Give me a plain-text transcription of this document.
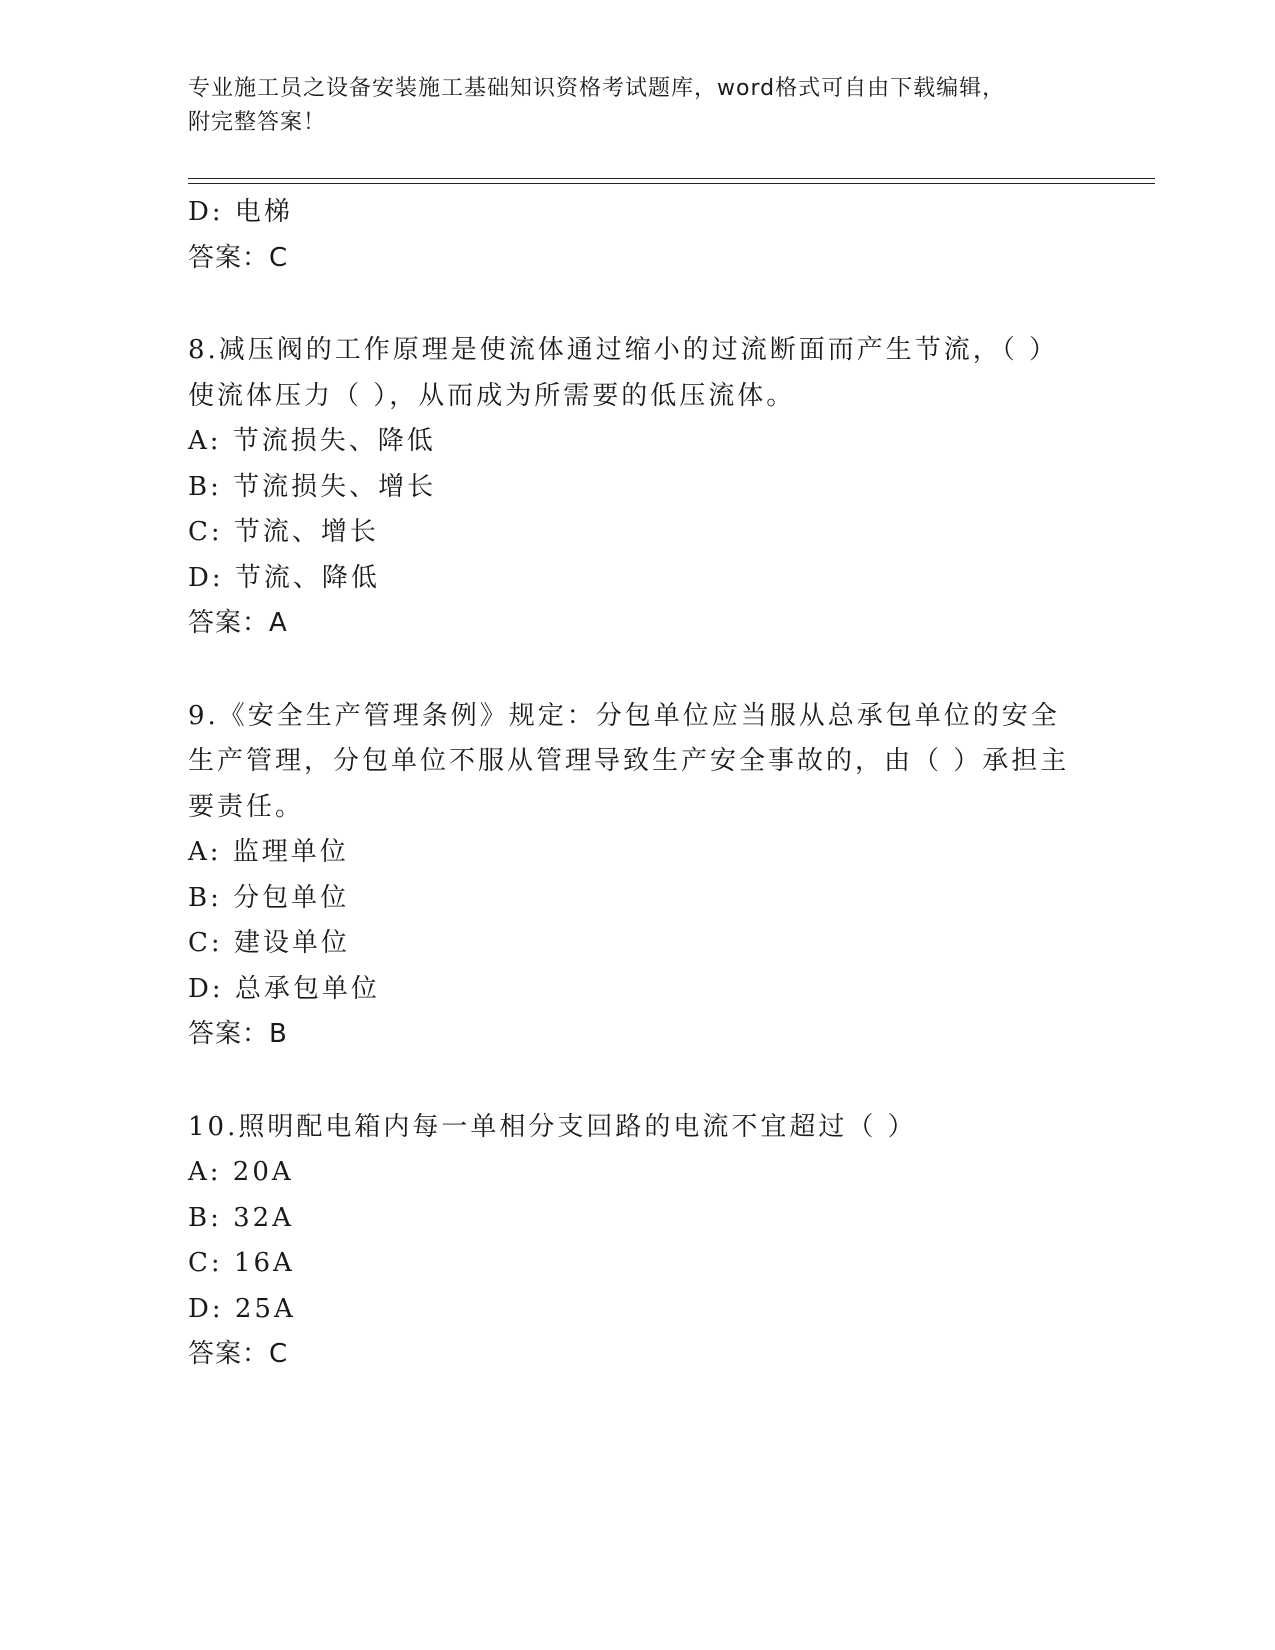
专业施工员之设备安装施工基础知识资格考试题库，word格式可自由下载编辑，
附完整答案！
D: 电梯
答案：C
8.减压阀的工作原理是使流体通过缩小的过流断面而产生节流，（ ）
使流体压力（ ），从而成为所需要的低压流体。
A: 节流损失、降低
B: 节流损失、增长
C: 节流、增长
D: 节流、降低
答案：A
9.《安全生产管理条例》规定：分包单位应当服从总承包单位的安全
生产管理，分包单位不服从管理导致生产安全事故的，由（ ）承担主
要责任。
A: 监理单位
B: 分包单位
C: 建设单位
D: 总承包单位
答案：B
10.照明配电箱内每一单相分支回路的电流不宜超过（ ）
A: 20A
B: 32A
C: 16A
D: 25A
答案：C
